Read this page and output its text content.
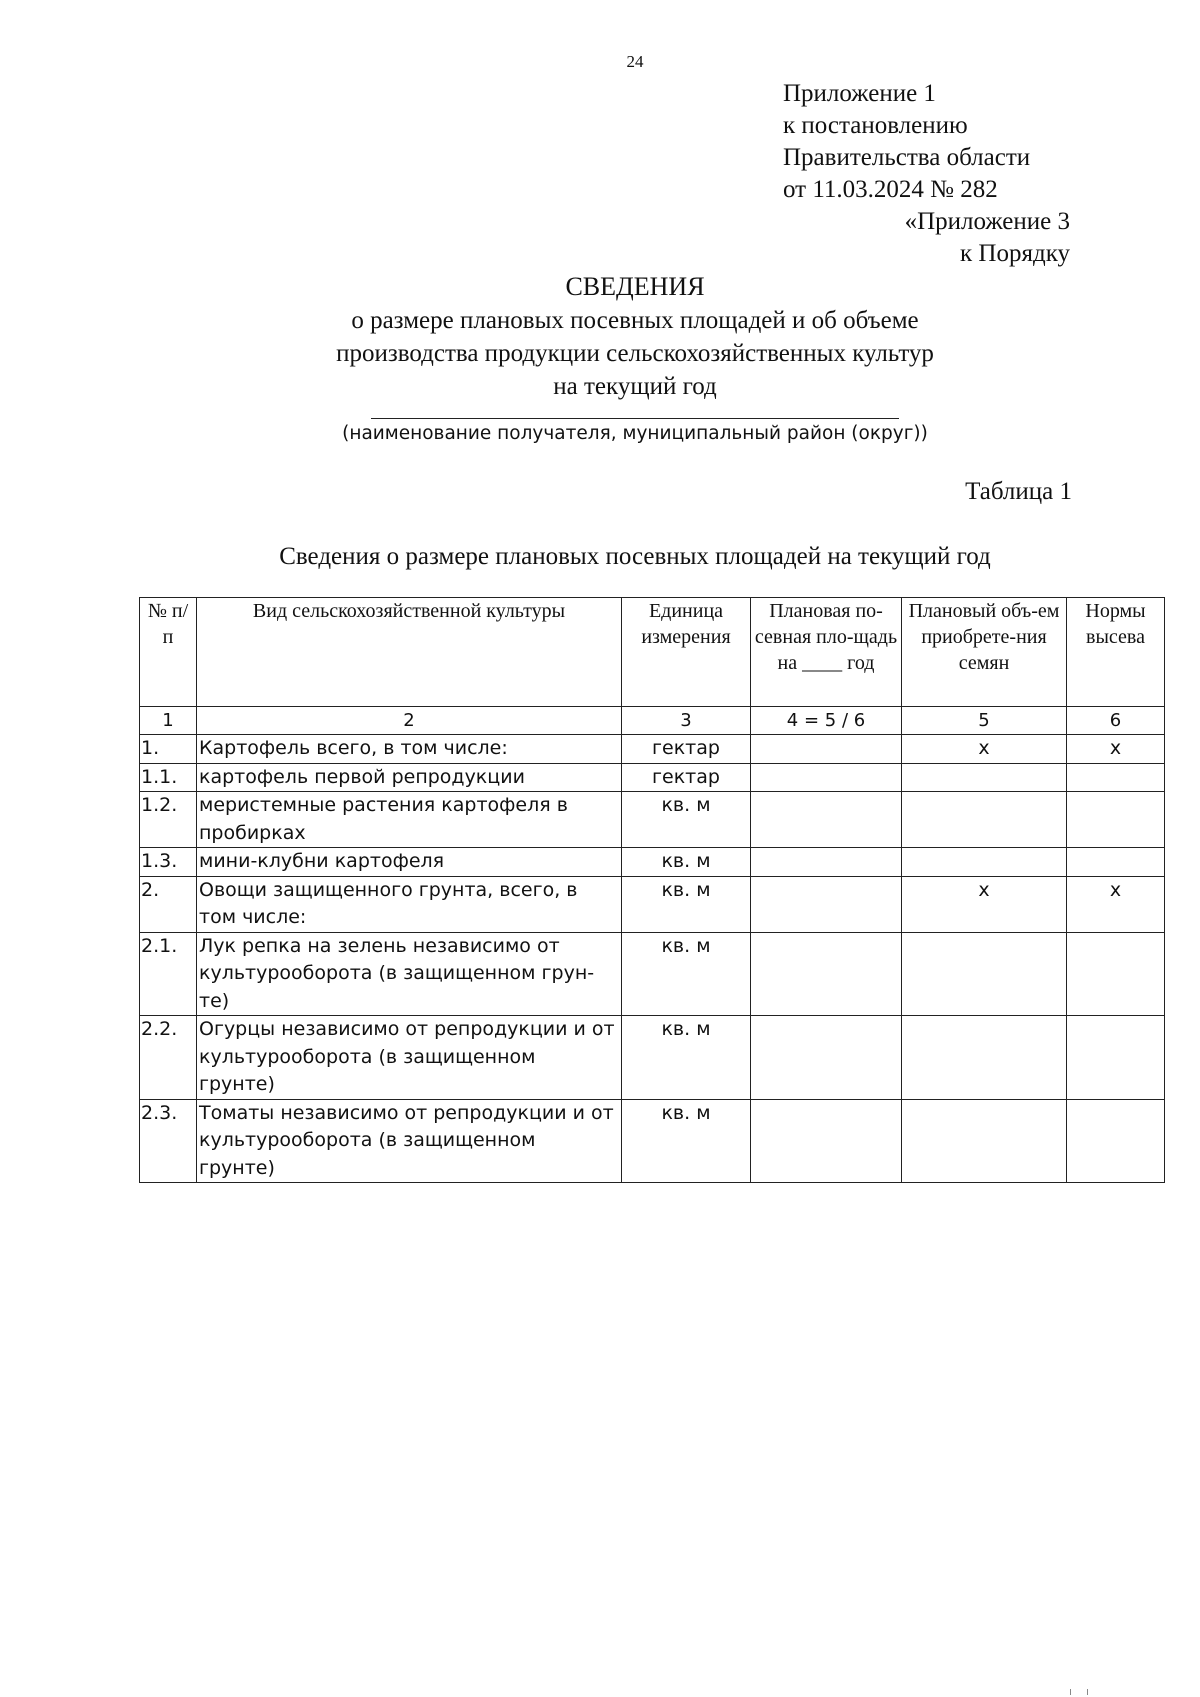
24
Приложение 1
к постановлению
Правительства области
от 11.03.2024 № 282
«Приложение 3
к Порядку
СВЕДЕНИЯ
о размере плановых посевных площадей и об объеме
производства продукции сельскохозяйственных культур
на текущий год
(наименование получателя, муниципальный район (округ))
Таблица 1
Сведения о размере плановых посевных площадей на текущий год
№ п/п	Вид сельскохозяйственной культуры	Единица измерения	Плановая по-севная пло-щадь на ____ год	Плановый объ-ем приобрете-ния семян	Нормы высева
1	2	3	4 = 5 / 6	5	6
1.	Картофель всего, в том числе:	гектар		х	х
1.1.	картофель первой репродукции	гектар			
1.2.	меристемные растения картофеля в пробирках	кв. м			
1.3.	мини-клубни картофеля	кв. м			
2.	Овощи защищенного грунта, всего, в том числе:	кв. м		х	х
2.1.	Лук репка на зелень независимо от культурооборота (в защищенном грун-те)	кв. м			
2.2.	Огурцы независимо от репродукции и от культурооборота (в защищенном грунте)	кв. м			
2.3.	Томаты независимо от репродукции и от культурооборота (в защищенном грунте)	кв. м			
